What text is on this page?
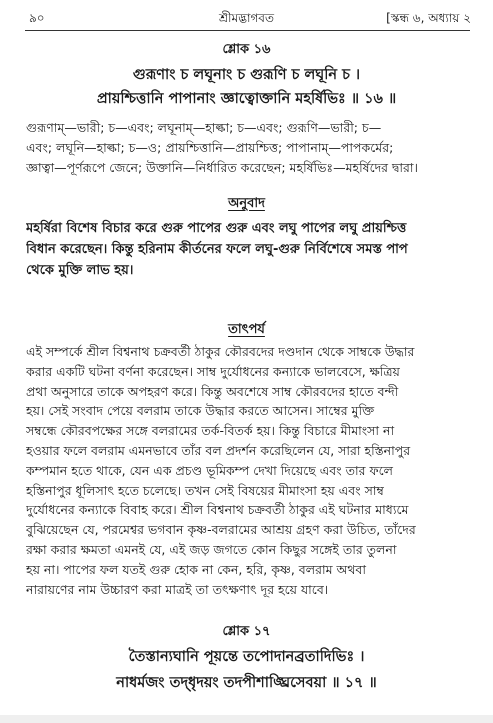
৯০	শ্রীমদ্ভাগবত	[স্কন্ধ ৬, অধ্যায় ২
শ্লোক ১৬
গুরূণাং চ লঘূনাং চ গুরূণি চ লঘূনি চ ।
প্রায়শ্চিত্তানি পাপানাং জ্ঞাত্বোক্তানি মহর্ষিভিঃ ॥ ১৬ ॥
গুরূণাম্—ভারী; চ—এবং; লঘূনাম্—হাল্কা; চ—এবং; গুরূণি—ভারী; চ—
এবং; লঘূনি—হাল্কা; চ—ও; প্রায়শ্চিত্তানি—প্রায়শ্চিত্ত; পাপানাম্—পাপকর্মের;
জ্ঞাত্বা—পূর্ণরূপে জেনে; উক্তানি—নির্ধারিত করেছেন; মহর্ষিভিঃ—মহর্ষিদের দ্বারা।
অনুবাদ
মহর্ষিরা বিশেষ বিচার করে গুরু পাপের গুরু এবং লঘু পাপের লঘু প্রায়শ্চিত্ত
বিধান করেছেন। কিন্তু হরিনাম কীর্তনের ফলে লঘু-গুরু নির্বিশেষে সমস্ত পাপ
থেকে মুক্তি লাভ হয়।
তাৎপর্য
এই সম্পর্কে শ্রীল বিশ্বনাথ চক্রবর্তী ঠাকুর কৌরবদের দণ্ডদান থেকে সাম্বকে উদ্ধার
করার একটি ঘটনা বর্ণনা করেছেন। সাম্ব দুর্যোধনের কন্যাকে ভালবেসে, ক্ষত্রিয়
প্রথা অনুসারে তাকে অপহরণ করে। কিন্তু অবশেষে সাম্ব কৌরবদের হাতে বন্দী
হয়। সেই সংবাদ পেয়ে বলরাম তাকে উদ্ধার করতে আসেন। সাম্বের মুক্তি
সম্বন্ধে কৌরবপক্ষের সঙ্গে বলরামের তর্ক-বিতর্ক হয়। কিন্তু বিচারে মীমাংসা না
হওয়ার ফলে বলরাম এমনভাবে তাঁর বল প্রদর্শন করেছিলেন যে, সারা হস্তিনাপুর
কম্পমান হতে থাকে, যেন এক প্রচণ্ড ভূমিকম্প দেখা দিয়েছে এবং তার ফলে
হস্তিনাপুর ধূলিসাৎ হতে চলেছে। তখন সেই বিষয়ের মীমাংসা হয় এবং সাম্ব
দুর্যোধনের কন্যাকে বিবাহ করে। শ্রীল বিশ্বনাথ চক্রবর্তী ঠাকুর এই ঘটনার মাধ্যমে
বুঝিয়েছেন যে, পরমেশ্বর ভগবান কৃষ্ণ-বলরামের আশ্রয় গ্রহণ করা উচিত, তাঁদের
রক্ষা করার ক্ষমতা এমনই যে, এই জড় জগতে কোন কিছুর সঙ্গেই তার তুলনা
হয় না। পাপের ফল যতই গুরু হোক না কেন, হরি, কৃষ্ণ, বলরাম অথবা
নারায়ণের নাম উচ্চারণ করা মাত্রই তা তৎক্ষণাৎ দূর হয়ে যাবে।
শ্লোক ১৭
তৈস্তান্যঘানি পূয়ন্তে তপোদানব্রতাদিভিঃ ।
নাধর্মজং তদ্‌ধৃদয়ং তদপীশাঙ্ঘ্রিসেবয়া ॥ ১৭ ॥
